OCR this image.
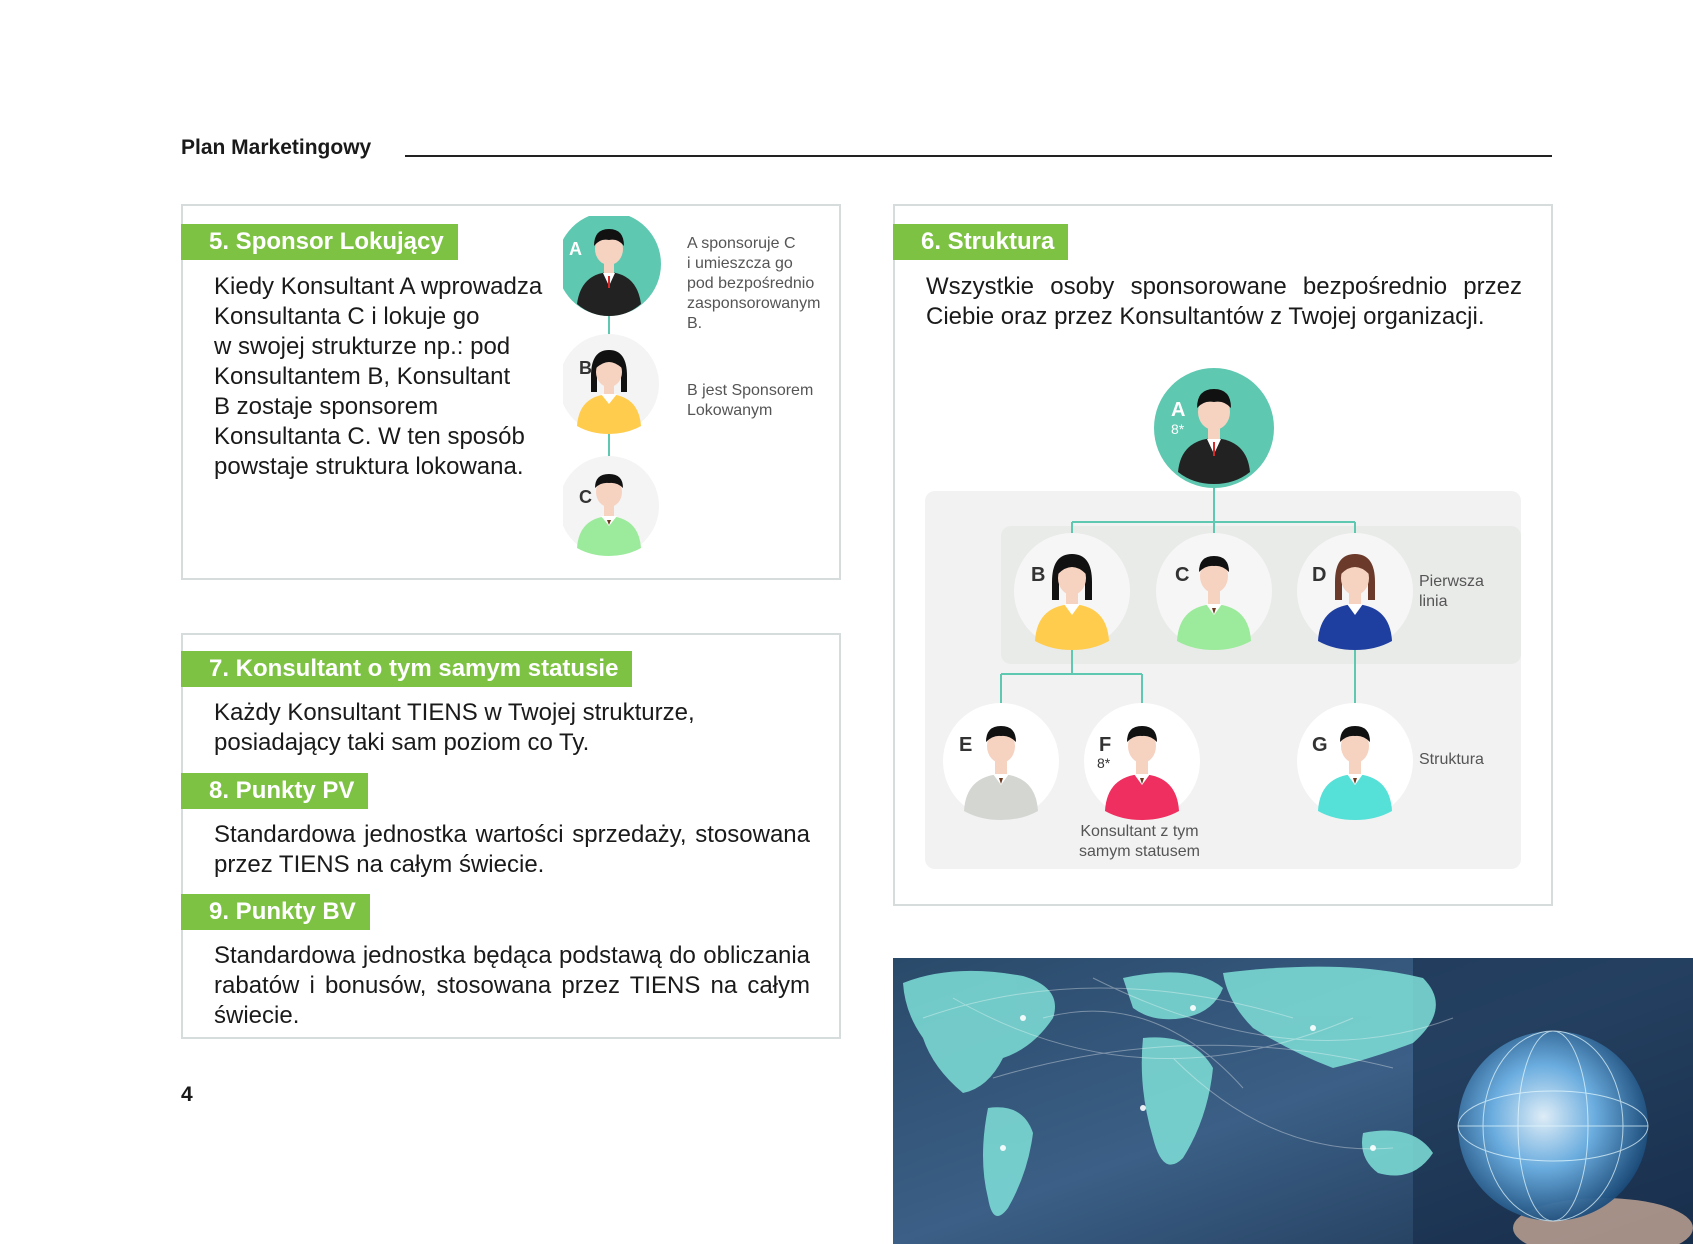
Plan Marketingowy
5. Sponsor Lokujący
Kiedy Konsultant A wprowadza
Konsultanta C i lokuje go
w swojej strukturze np.: pod
Konsultantem B, Konsultant
B zostaje sponsorem
Konsultanta C. W ten sposób
powstaje struktura lokowana.
A
B
C
A sponsoruje C
i umieszcza go
pod bezpośrednio
zasponsorowanym B.
B jest Sponsorem
Lokowanym
6. Struktura
Wszystkie osoby sponsorowane bezpośrednio przez Ciebie oraz przez Konsultantów z Twojej organizacji.
A
8*
B	C	D
E	F
8*
G
Pierwsza
linia
Struktura
Konsultant z tym
samym statusem
7. Konsultant o tym samym statusie
Każdy Konsultant TIENS w Twojej strukturze, posiadający taki sam poziom co Ty.
8. Punkty PV
Standardowa jednostka wartości sprzedaży, stosowana przez TIENS na całym świecie.
9. Punkty BV
Standardowa jednostka będąca podstawą do obliczania rabatów i bonusów, stosowana przez TIENS na całym świecie.
4
